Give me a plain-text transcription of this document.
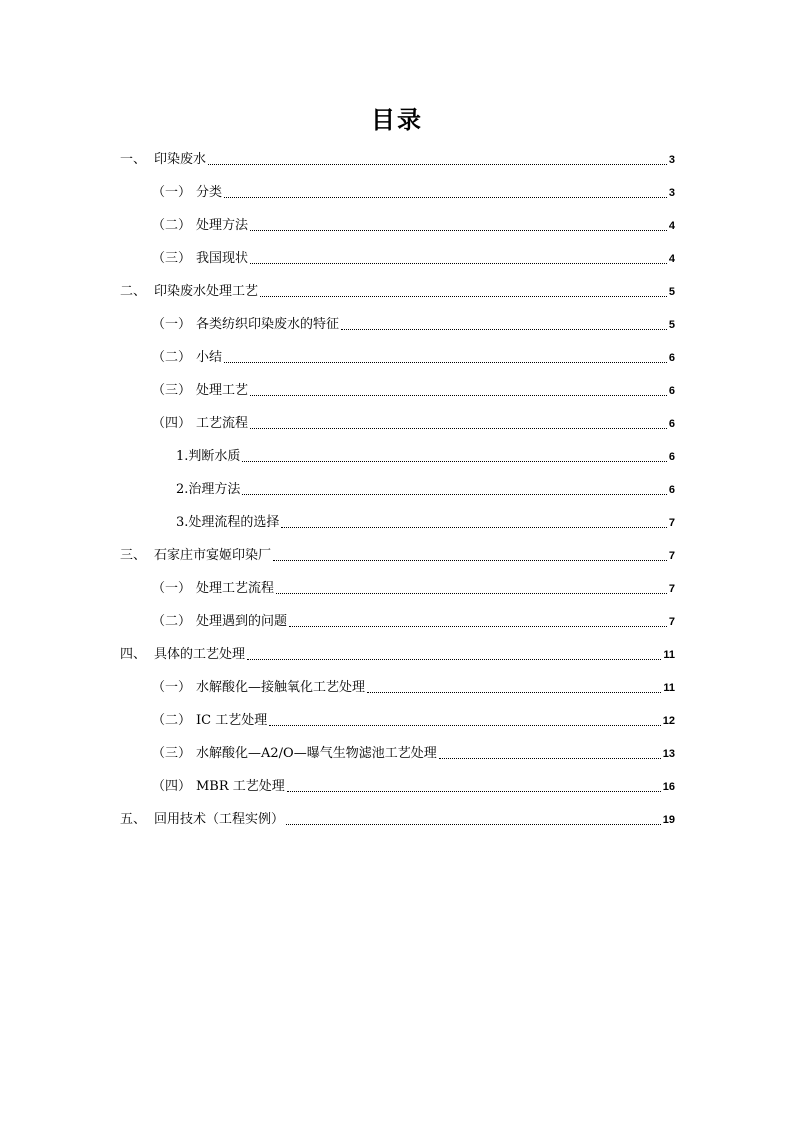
目录
一、 印染废水	3
（一） 分类	3
（二） 处理方法	4
（三） 我国现状	4
二、 印染废水处理工艺	5
（一） 各类纺织印染废水的特征	5
（二） 小结	6
（三） 处理工艺	6
（四） 工艺流程	6
1. 判断水质	6
2. 治理方法	6
3. 处理流程的选择	7
三、 石家庄市宴姬印染厂	7
（一） 处理工艺流程	7
（二） 处理遇到的问题	7
四、 具体的工艺处理	11
（一） 水解酸化—接触氧化工艺处理	11
（二） IC 工艺处理	12
（三） 水解酸化—A2/O—曝气生物滤池工艺处理	13
（四） MBR 工艺处理	16
五、 回用技术（工程实例）	19
